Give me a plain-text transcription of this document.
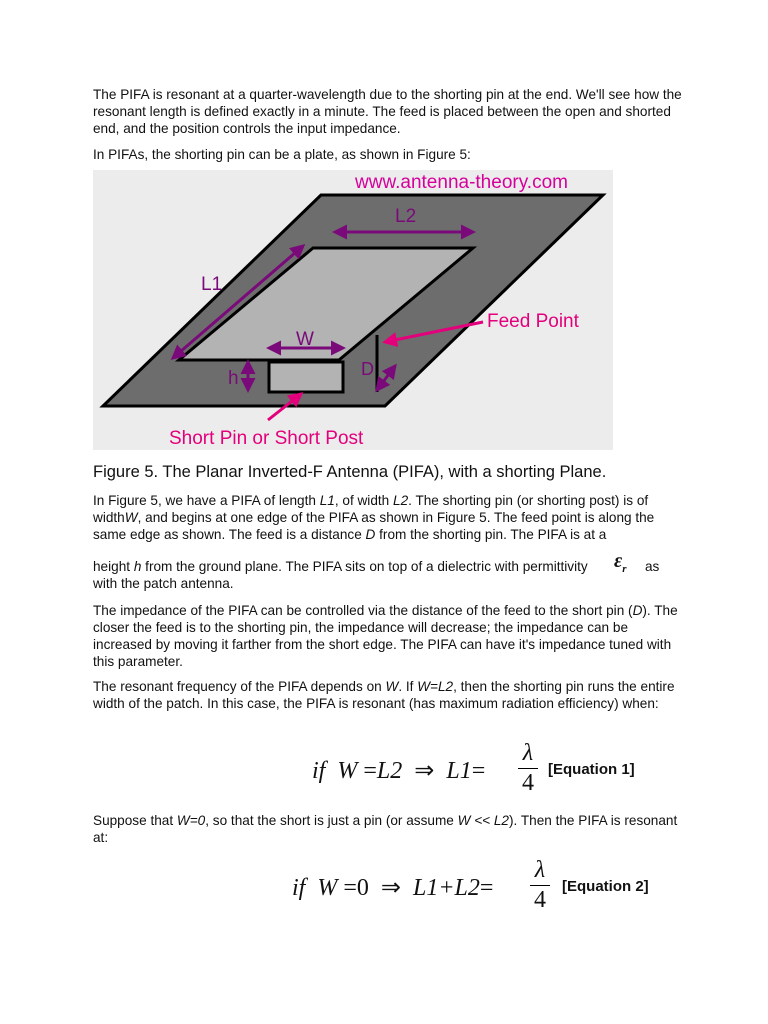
The PIFA is resonant at a quarter-wavelength due to the shorting pin at the end. We'll see how the resonant length is defined exactly in a minute. The feed is placed between the open and shorted end, and the position controls the input impedance.

In PIFAs, the shorting pin can be a plate, as shown in Figure 5:

www.antenna-theory.com
L2
L1
W
h	D
Feed Point
Short Pin or Short Post
Figure 5. The Planar Inverted-F Antenna (PIFA), with a shorting Plane.

In Figure 5, we have a PIFA of length L1, of width L2. The shorting pin (or shorting post) is of widthW, and begins at one edge of the PIFA as shown in Figure 5. The feed point is along the same edge as shown. The feed is a distance D from the shorting pin. The PIFA is at a

height h from the ground plane. The PIFA sits on top of a dielectric with permittivity	$\varepsilon_r$ as

with the patch antenna.

The impedance of the PIFA can be controlled via the distance of the feed to the short pin (D). The closer the feed is to the shorting pin, the impedance will decrease; the impedance can be increased by moving it farther from the short edge. The PIFA can have it's impedance tuned with this parameter.

The resonant frequency of the PIFA depends on W. If W=L2, then the shorting pin runs the entire width of the patch. In this case, the PIFA is resonant (has maximum radiation efficiency) when:

if W =L2 ⇒ L1=
λ
4
[Equation 1]

Suppose that W=0, so that the short is just a pin (or assume W << L2). Then the PIFA is resonant at:

if W =0 ⇒ L1+L2=
λ
4
[Equation 2]
